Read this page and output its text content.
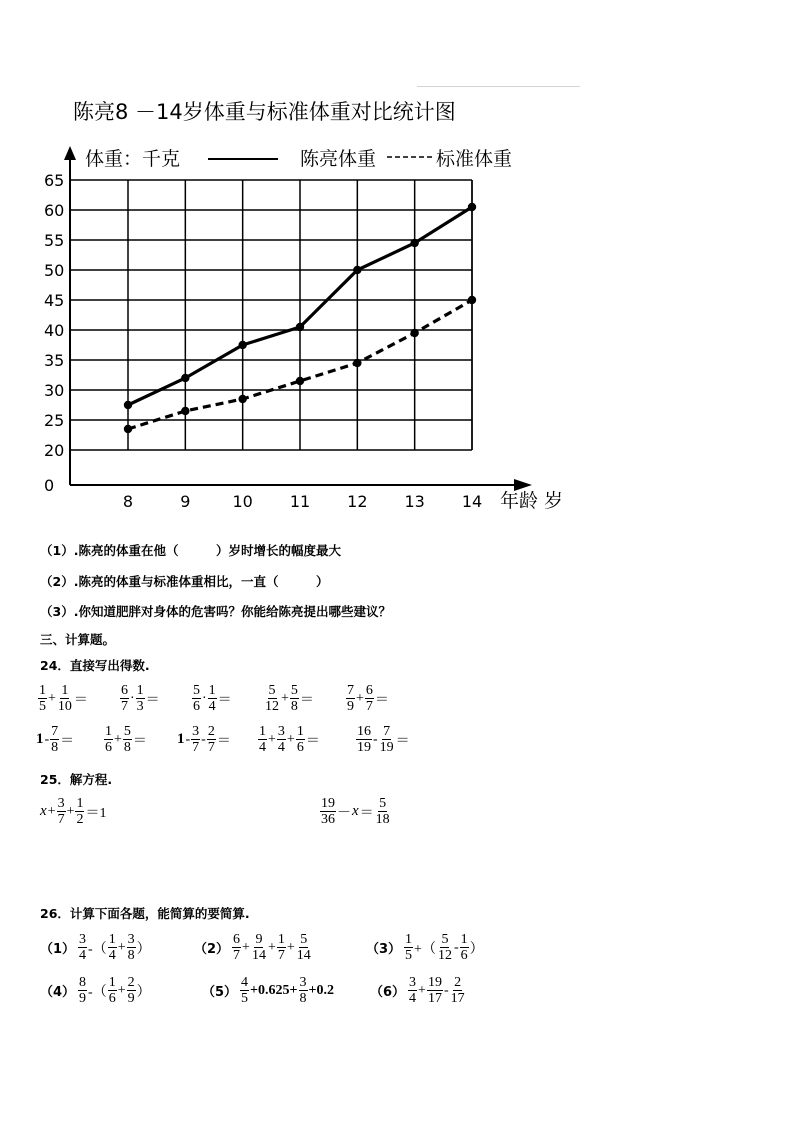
陈亮8 －14岁体重与标准体重对比统计图
65
60
55
50
45
40
35
30
25
20
0
8	9	10 11 12 13 14
体重：千克
年龄 岁
陈亮体重	标准体重
（1）.陈亮的体重在他（　　　）岁时增长的幅度最大
（2）.陈亮的体重与标准体重相比，一直（　　　）
（3）.你知道肥胖对身体的危害吗？你能给陈亮提出哪些建议？
三、计算题。
24．直接写出得数.
$\frac{1}{5} + \frac{1}{10} = \frac{6}{7} \cdot \frac{1}{3} = \frac{5}{6} \cdot \frac{1}{4} = \frac{5}{12} + \frac{5}{8} = \frac{7}{9} + \frac{6}{7}$ ＝
$1 - \frac{7}{8} = \frac{1}{6} + \frac{5}{8} = 1 - \frac{3}{7} - \frac{2}{7} = \frac{1}{4} + \frac{3}{4} + \frac{1}{6}$ ＝	$\frac{16}{19} - \frac{7}{19}$ ＝
25．解方程.
$x + \frac{3}{7} + \frac{1}{2} =1$	$\frac{19}{36} - x = \frac{5}{18}$
26．计算下面各题，能简算的要简算.
$(1) \frac{3}{4}$ -（ $\frac{1}{4} + \frac{3}{8}$ ）	$(2) \frac{6}{7} + \frac{9}{14} + \frac{1}{7} + \frac{5}{14}$	$(3) \frac{1}{5}$ +（ $\frac{5}{12} - \frac{1}{6}$ ）
$(4) \frac{8}{9}$ -（ $\frac{1}{6} + \frac{2}{9}$ ）	$(5) \frac{4}{5} +0.625+ \frac{3}{8} +0.2$	$(6) \frac{3}{4} + \frac{19}{17} - \frac{2}{17}$
